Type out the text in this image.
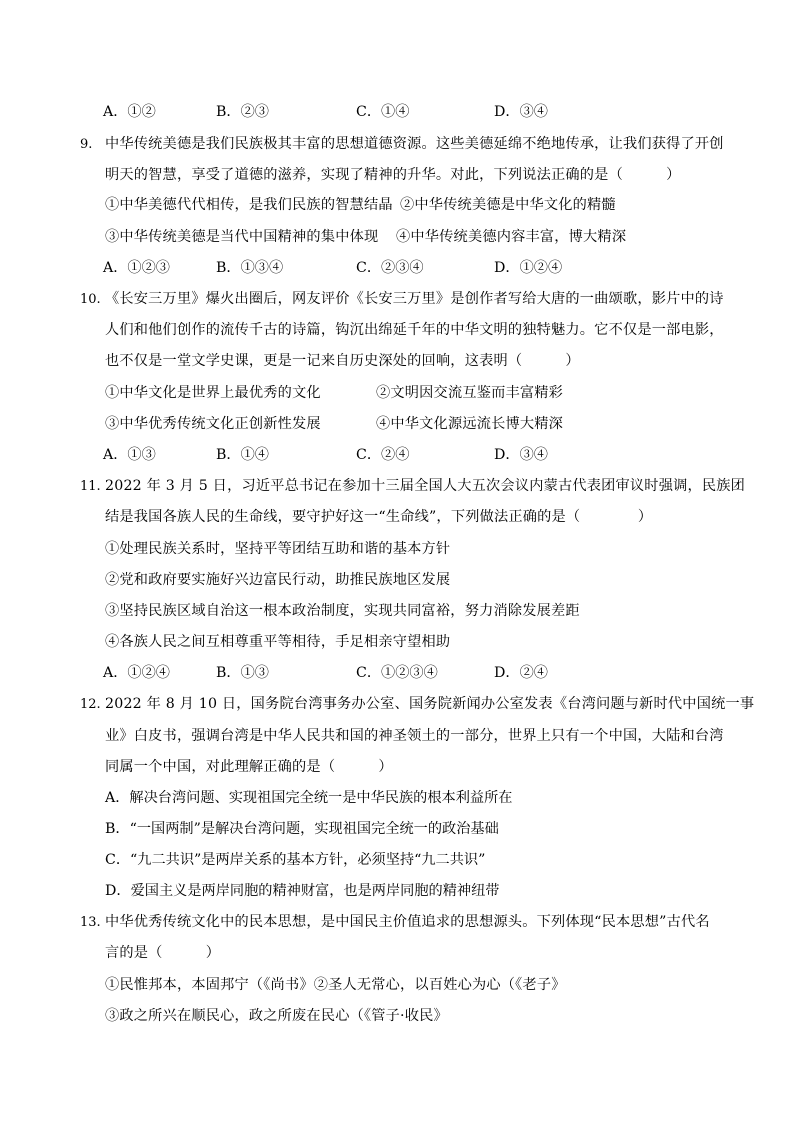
A．①②	B．②③	C．①④	D．③④
9. 中华传统美德是我们民族极其丰富的思想道德资源。这些美德延绵不绝地传承，让我们获得了开创
明天的智慧，享受了道德的滋养，实现了精神的升华。对此，下列说法正确的是（　　　）
①中华美德代代相传，是我们民族的智慧结晶 ②中华传统美德是中华文化的精髓
③中华传统美德是当代中国精神的集中体现 ④中华传统美德内容丰富，博大精深
A．①②③	B．①③④	C．②③④	D．①②④
10. 《长安三万里》爆火出圈后，网友评价《长安三万里》是创作者写给大唐的一曲颂歌，影片中的诗
人们和他们创作的流传千古的诗篇，钩沉出绵延千年的中华文明的独特魅力。它不仅是一部电影，
也不仅是一堂文学史课，更是一记来自历史深处的回响，这表明（　　　）
①中华文化是世界上最优秀的文化	②文明因交流互鉴而丰富精彩
③中华优秀传统文化正创新性发展	④中华文化源远流长博大精深
A．①③	B．①④	C．②④	D．③④
11. 2022 年 3 月 5 日，习近平总书记在参加十三届全国人大五次会议内蒙古代表团审议时强调，民族团
结是我国各族人民的生命线，要守护好这一“生命线”，下列做法正确的是（　　　　）
①处理民族关系时，坚持平等团结互助和谐的基本方针
②党和政府要实施好兴边富民行动，助推民族地区发展
③坚持民族区域自治这一根本政治制度，实现共同富裕，努力消除发展差距
④各族人民之间互相尊重平等相待，手足相亲守望相助
A．①②④	B．①③	C．①②③④	D．②④
12. 2022 年 8 月 10 日，国务院台湾事务办公室、国务院新闻办公室发表《台湾问题与新时代中国统一事
业》白皮书，强调台湾是中华人民共和国的神圣领土的一部分，世界上只有一个中国，大陆和台湾
同属一个中国，对此理解正确的是（　　　）
A．解决台湾问题、实现祖国完全统一是中华民族的根本利益所在
B．“一国两制”是解决台湾问题，实现祖国完全统一的政治基础
C．“九二共识”是两岸关系的基本方针，必须坚持“九二共识”
D．爱国主义是两岸同胞的精神财富，也是两岸同胞的精神纽带
13. 中华优秀传统文化中的民本思想，是中国民主价值追求的思想源头。下列体现“民本思想”古代名
言的是（　　　）
①民惟邦本，本固邦宁（《尚书》②圣人无常心，以百姓心为心（《老子》
③政之所兴在顺民心，政之所废在民心（《管子·收民》
